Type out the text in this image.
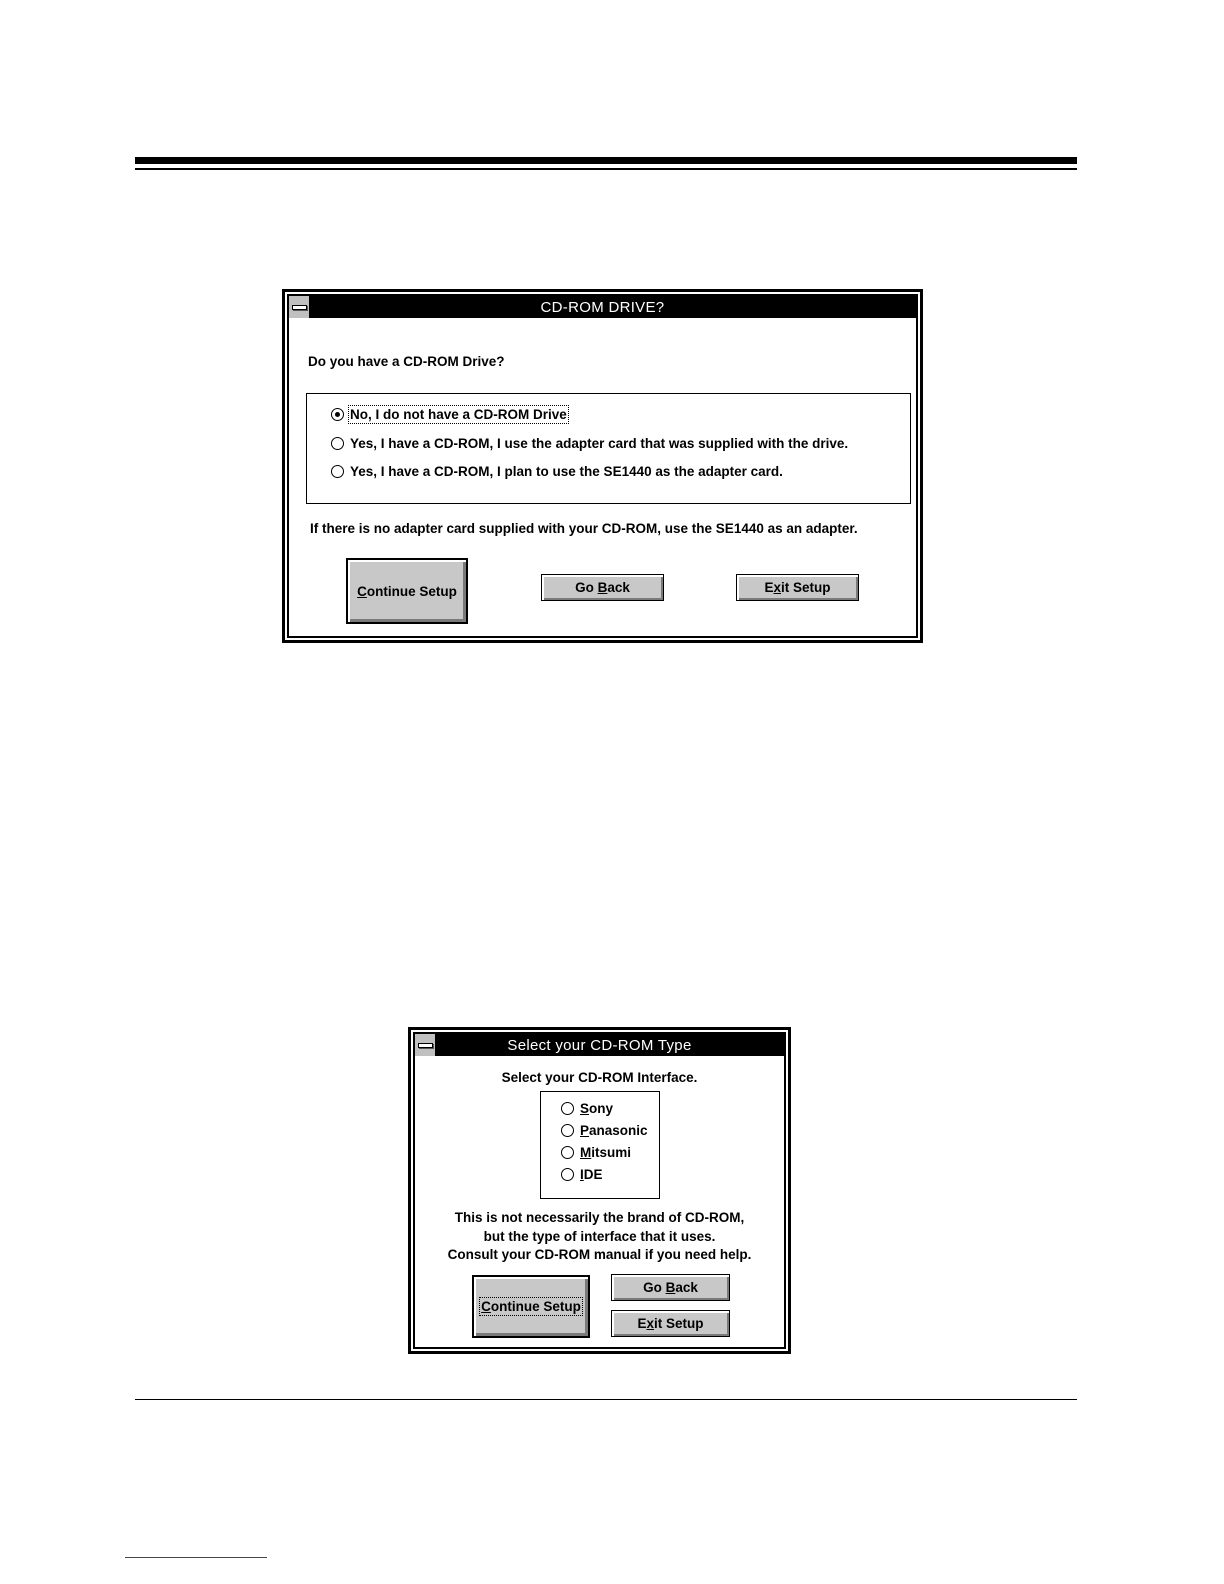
CD-ROM DRIVE?
Do you have a CD-ROM Drive?
No, I do not have a CD-ROM Drive
Yes, I have a CD-ROM, I use the adapter card that was supplied with the drive.
Yes, I have a CD-ROM, I plan to use the SE1440 as the adapter card.
If there is no adapter card supplied with your CD-ROM, use the SE1440 as an adapter.
Continue Setup	Go Back	Exit Setup
Select your CD-ROM Type
Select your CD-ROM Interface.
Sony
Panasonic
Mitsumi
IDE
This is not necessarily the brand of CD-ROM,
but the type of interface that it uses.
Consult your CD-ROM manual if you need help.
Continue Setup
Go Back
Exit Setup
